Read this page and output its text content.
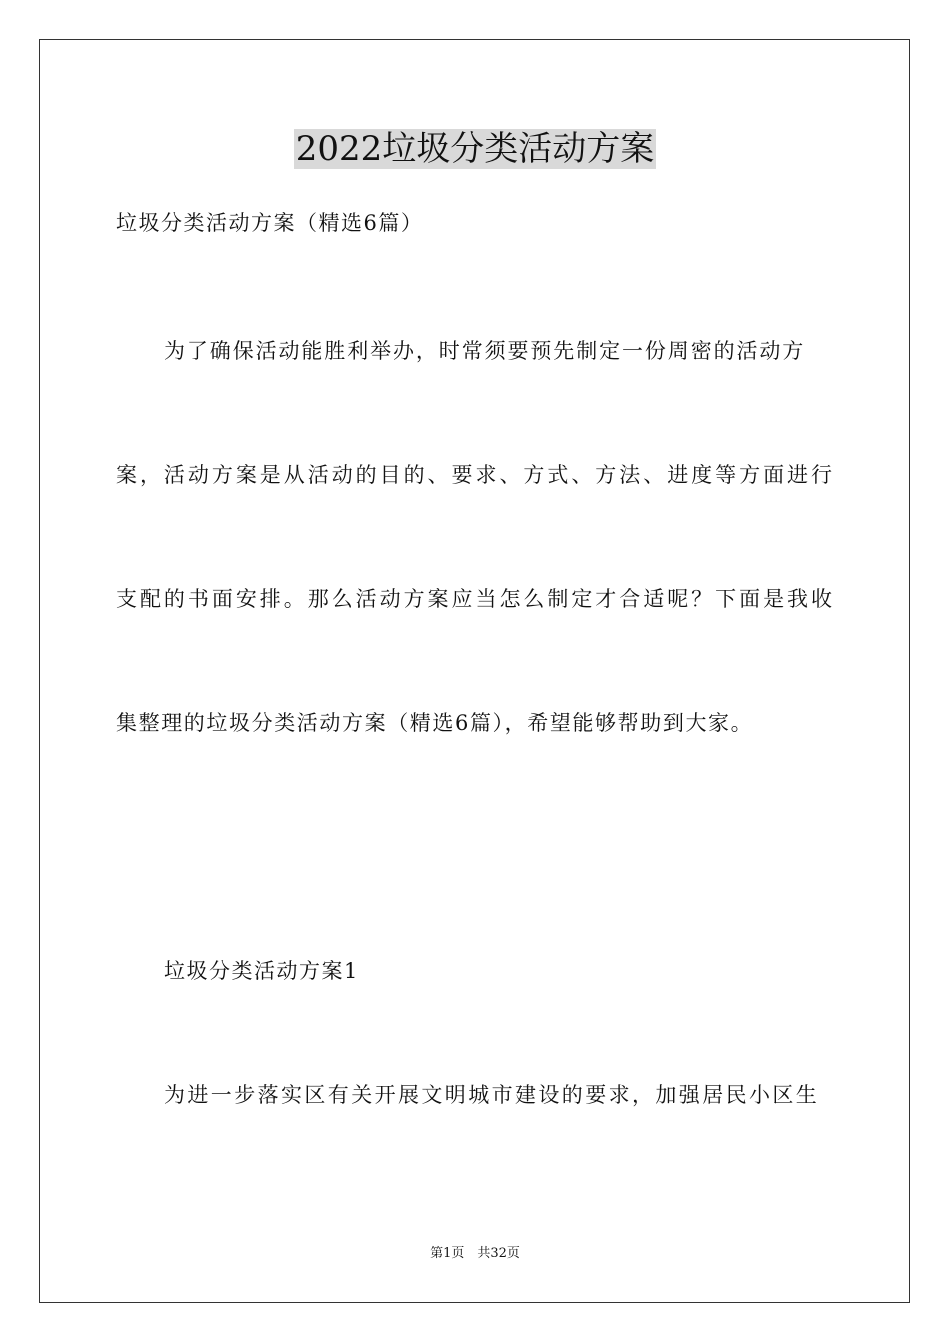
2022垃圾分类活动方案

垃圾分类活动方案（精选6篇）

为了确保活动能胜利举办，时常须要预先制定一份周密的活动方

案，活动方案是从活动的目的、要求、方式、方法、进度等方面进行

支配的书面安排。那么活动方案应当怎么制定才合适呢？下面是我收

集整理的垃圾分类活动方案（精选6篇），希望能够帮助到大家。

垃圾分类活动方案1

为进一步落实区有关开展文明城市建设的要求，加强居民小区生

第1页　共32页
